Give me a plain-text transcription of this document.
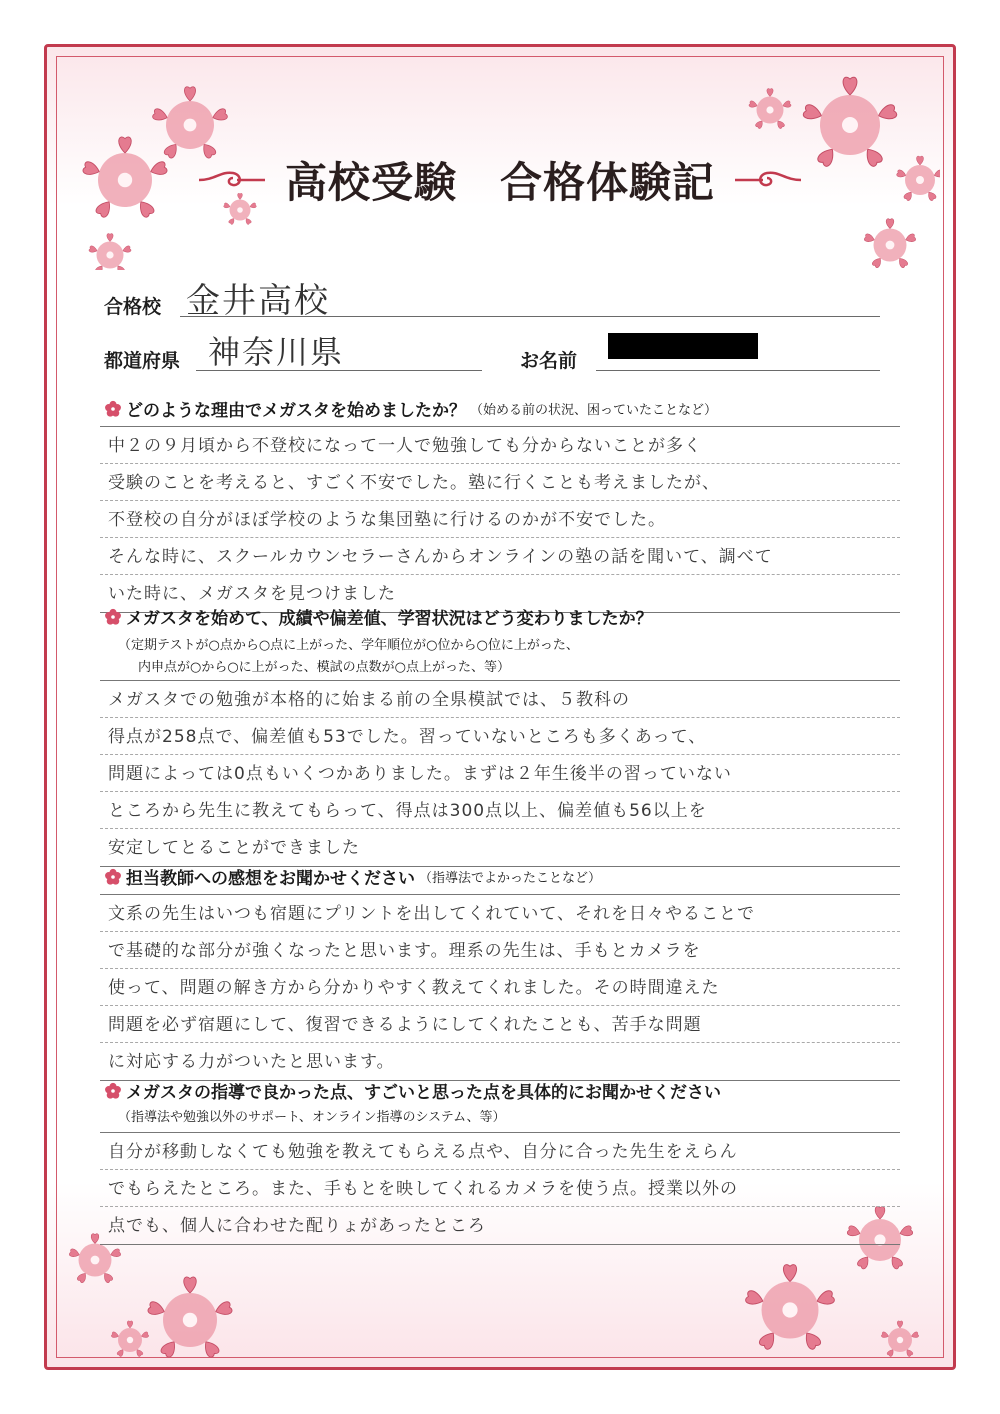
高校受験　合格体験記
合格校 金井高校
都道府県 神奈川県	お名前
どのような理由でメガスタを始めましたか？ （始める前の状況、困っていたことなど）
中２の９月頃から不登校になって一人で勉強しても分からないことが多く
受験のことを考えると、すごく不安でした。塾に行くことも考えましたが、
不登校の自分がほぼ学校のような集団塾に行けるのかが不安でした。
そんな時に、スクールカウンセラーさんからオンラインの塾の話を聞いて、調べて
いた時に、メガスタを見つけました
メガスタを始めて、成績や偏差値、学習状況はどう変わりましたか？
（定期テストが○点から○点に上がった、学年順位が○位から○位に上がった、
内申点が○から○に上がった、模試の点数が○点上がった、等）
メガスタでの勉強が本格的に始まる前の全県模試では、５教科の
得点が258点で、偏差値も53でした。習っていないところも多くあって、
問題によっては0点もいくつかありました。まずは２年生後半の習っていない
ところから先生に教えてもらって、得点は300点以上、偏差値も56以上を
安定してとることができました
担当教師への感想をお聞かせください （指導法でよかったことなど）
文系の先生はいつも宿題にプリントを出してくれていて、それを日々やることで
で基礎的な部分が強くなったと思います。理系の先生は、手もとカメラを
使って、問題の解き方から分かりやすく教えてくれました。その時間違えた
問題を必ず宿題にして、復習できるようにしてくれたことも、苦手な問題
に対応する力がついたと思います。
メガスタの指導で良かった点、すごいと思った点を具体的にお聞かせください
（指導法や勉強以外のサポート、オンライン指導のシステム、等）
自分が移動しなくても勉強を教えてもらえる点や、自分に合った先生をえらん
でもらえたところ。また、手もとを映してくれるカメラを使う点。授業以外の
点でも、個人に合わせた配りょがあったところ
